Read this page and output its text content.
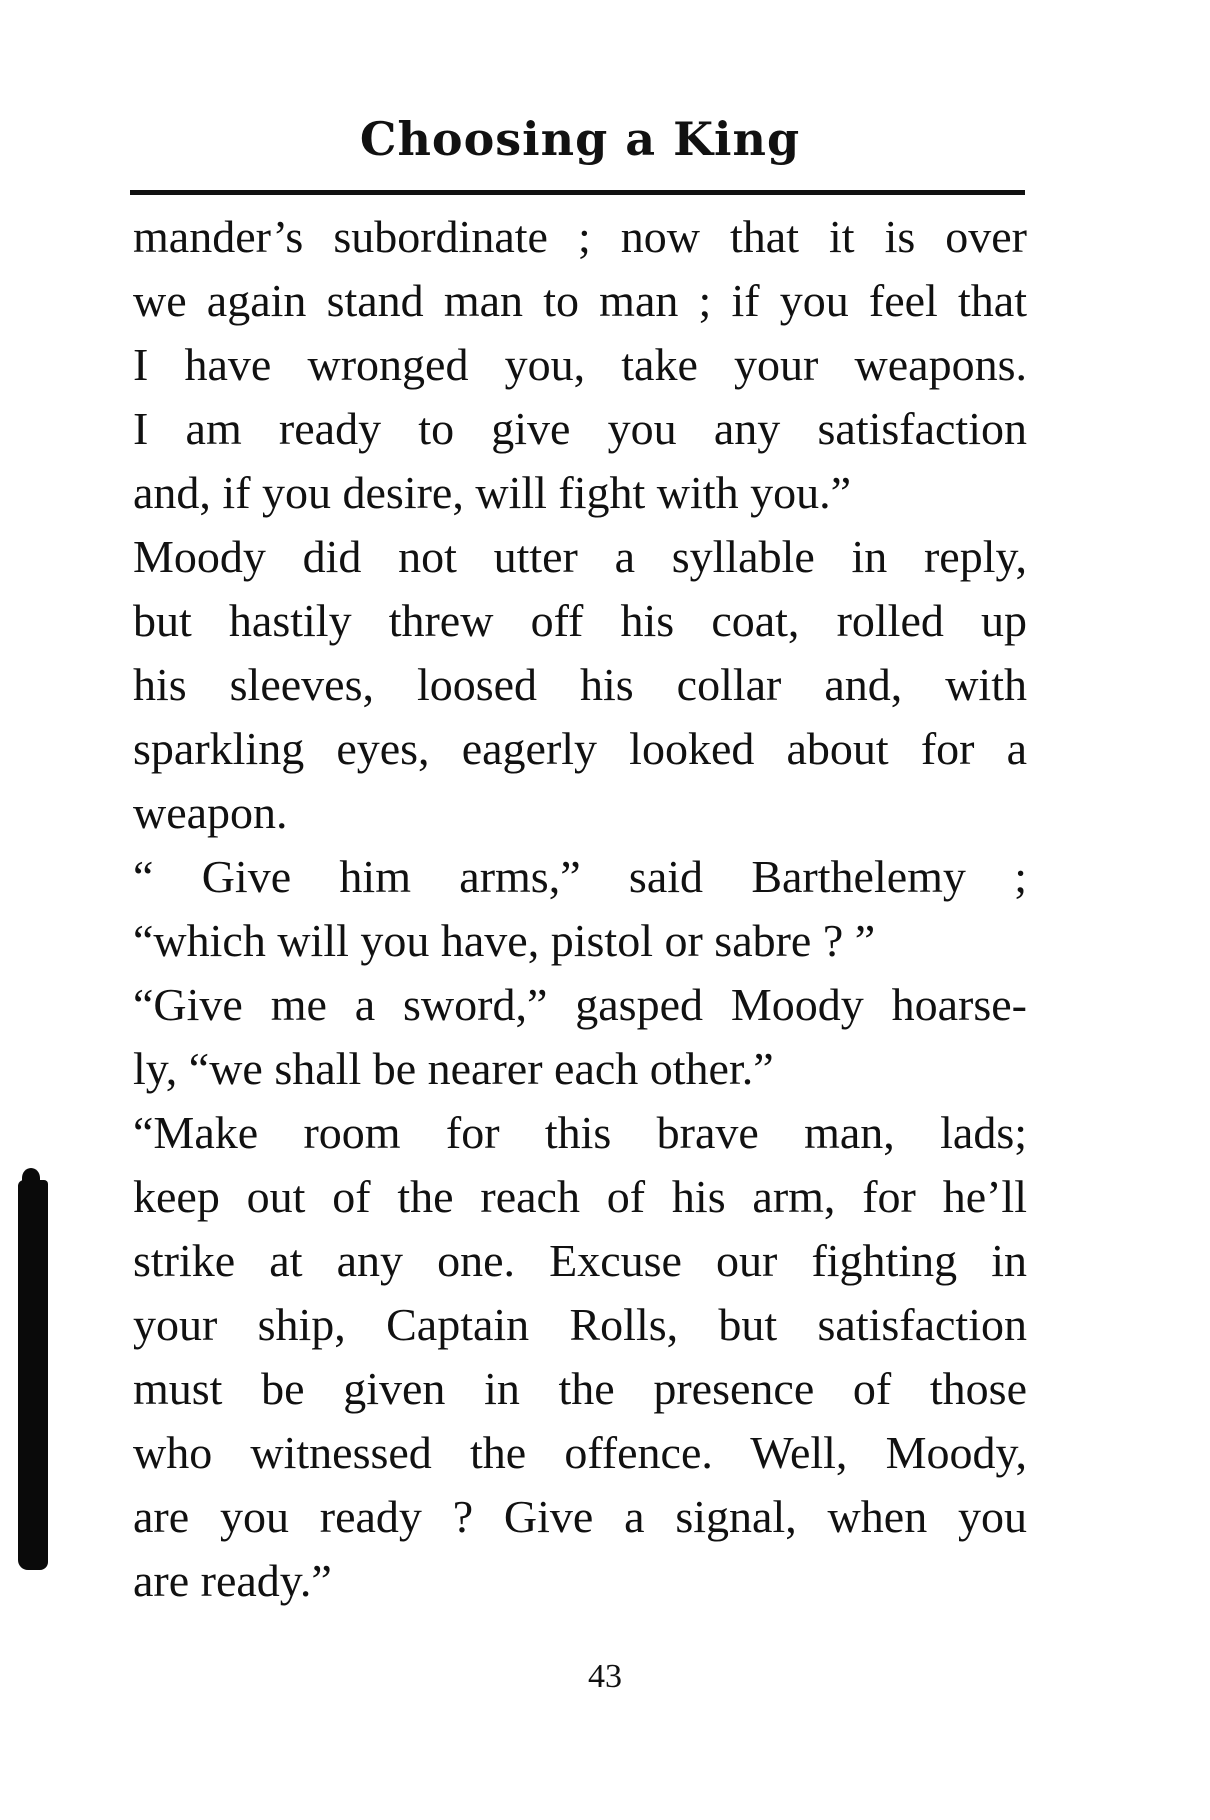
Choosing a King
mander’s subordinate ; now that it is over
we again stand man to man ; if you feel that
I have wronged you, take your weapons.
I am ready to give you any satisfaction
and, if you desire, will fight with you.”
Moody did not utter a syllable in reply,
but hastily threw off his coat, rolled up
his sleeves, loosed his collar and, with
sparkling eyes, eagerly looked about for a
weapon.
“ Give him arms,” said Barthelemy ;
“which will you have, pistol or sabre ? ”
“Give me a sword,” gasped Moody hoarse-
ly, “we shall be nearer each other.”
“Make room for this brave man, lads;
keep out of the reach of his arm, for he’ll
strike at any one. Excuse our fighting in
your ship, Captain Rolls, but satisfaction
must be given in the presence of those
who witnessed the offence. Well, Moody,
are you ready ? Give a signal, when you
are ready.”
43
